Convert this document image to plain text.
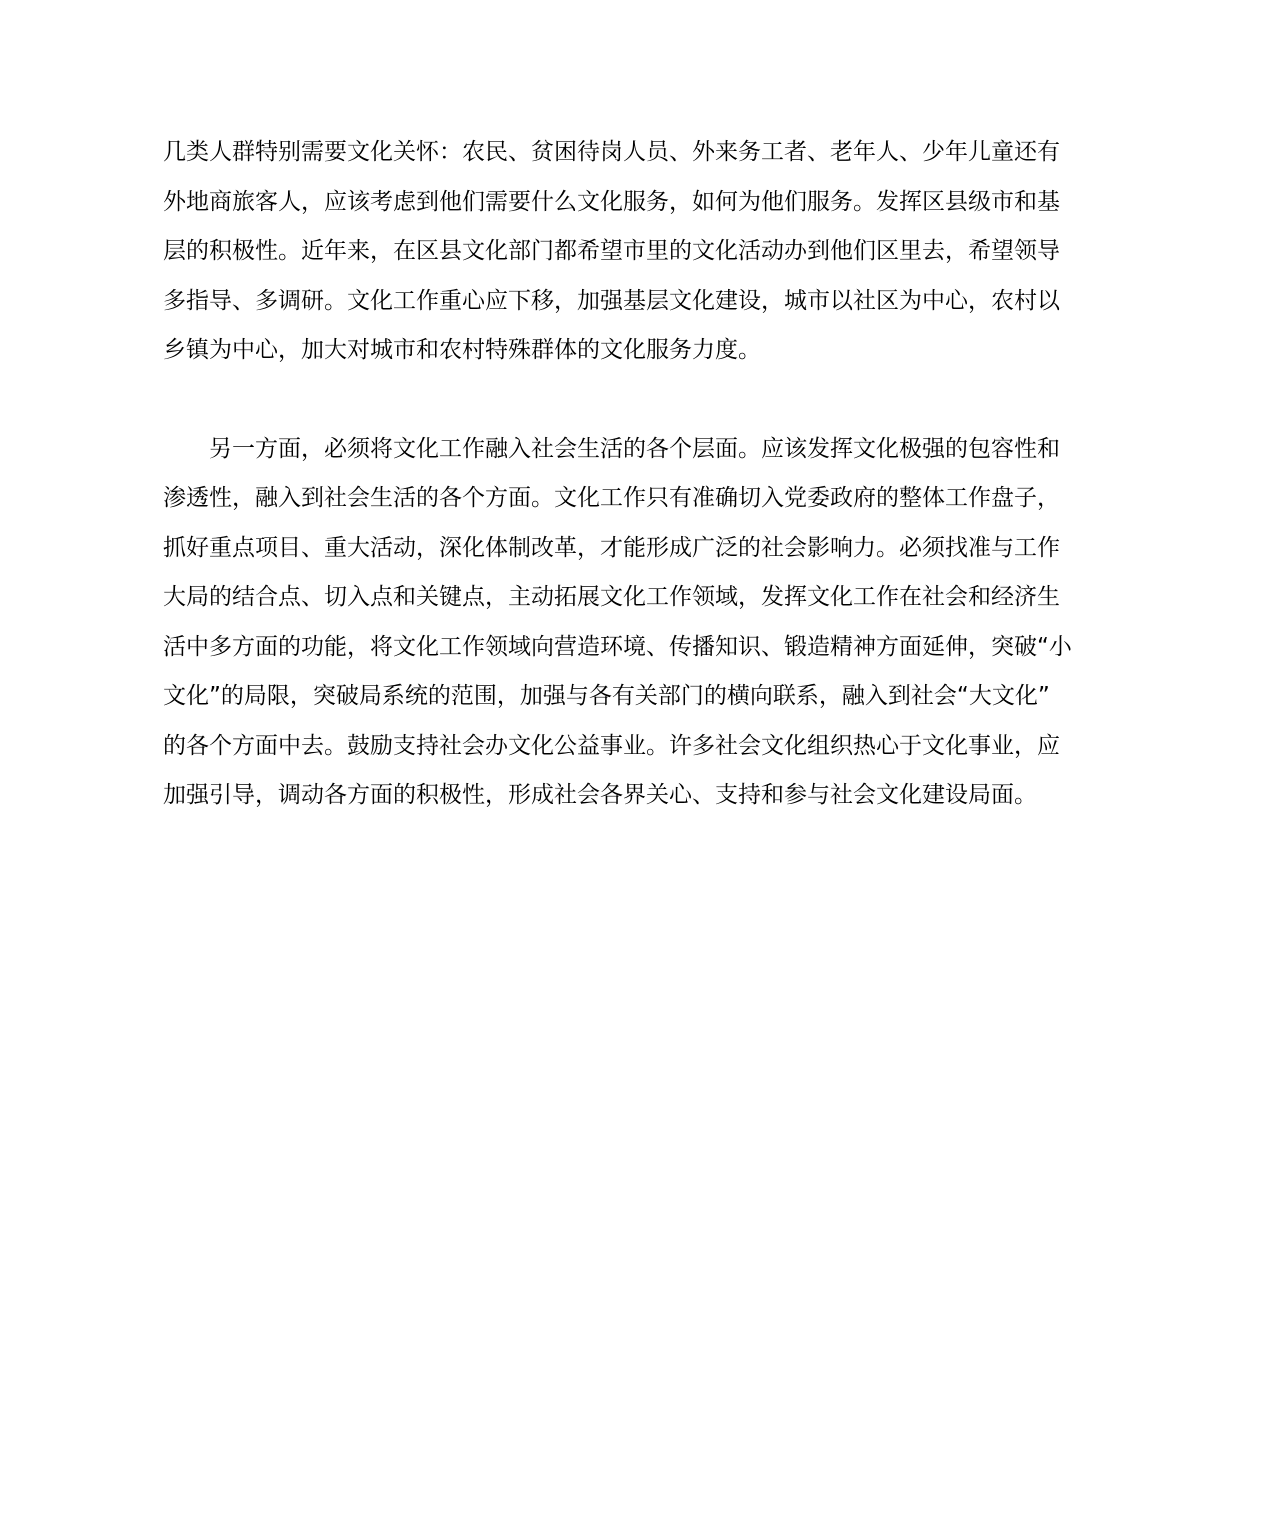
几类人群特别需要文化关怀：农民、贫困待岗人员、外来务工者、老年人、少年儿童还有
外地商旅客人，应该考虑到他们需要什么文化服务，如何为他们服务。发挥区县级市和基
层的积极性。近年来，在区县文化部门都希望市里的文化活动办到他们区里去，希望领导
多指导、多调研。文化工作重心应下移，加强基层文化建设，城市以社区为中心，农村以
乡镇为中心，加大对城市和农村特殊群体的文化服务力度。
　　另一方面，必须将文化工作融入社会生活的各个层面。应该发挥文化极强的包容性和
渗透性，融入到社会生活的各个方面。文化工作只有准确切入党委政府的整体工作盘子，
抓好重点项目、重大活动，深化体制改革，才能形成广泛的社会影响力。必须找准与工作
大局的结合点、切入点和关键点，主动拓展文化工作领域，发挥文化工作在社会和经济生
活中多方面的功能，将文化工作领域向营造环境、传播知识、锻造精神方面延伸，突破“小
文化”的局限，突破局系统的范围，加强与各有关部门的横向联系，融入到社会“大文化”
的各个方面中去。鼓励支持社会办文化公益事业。许多社会文化组织热心于文化事业，应
加强引导，调动各方面的积极性，形成社会各界关心、支持和参与社会文化建设局面。
